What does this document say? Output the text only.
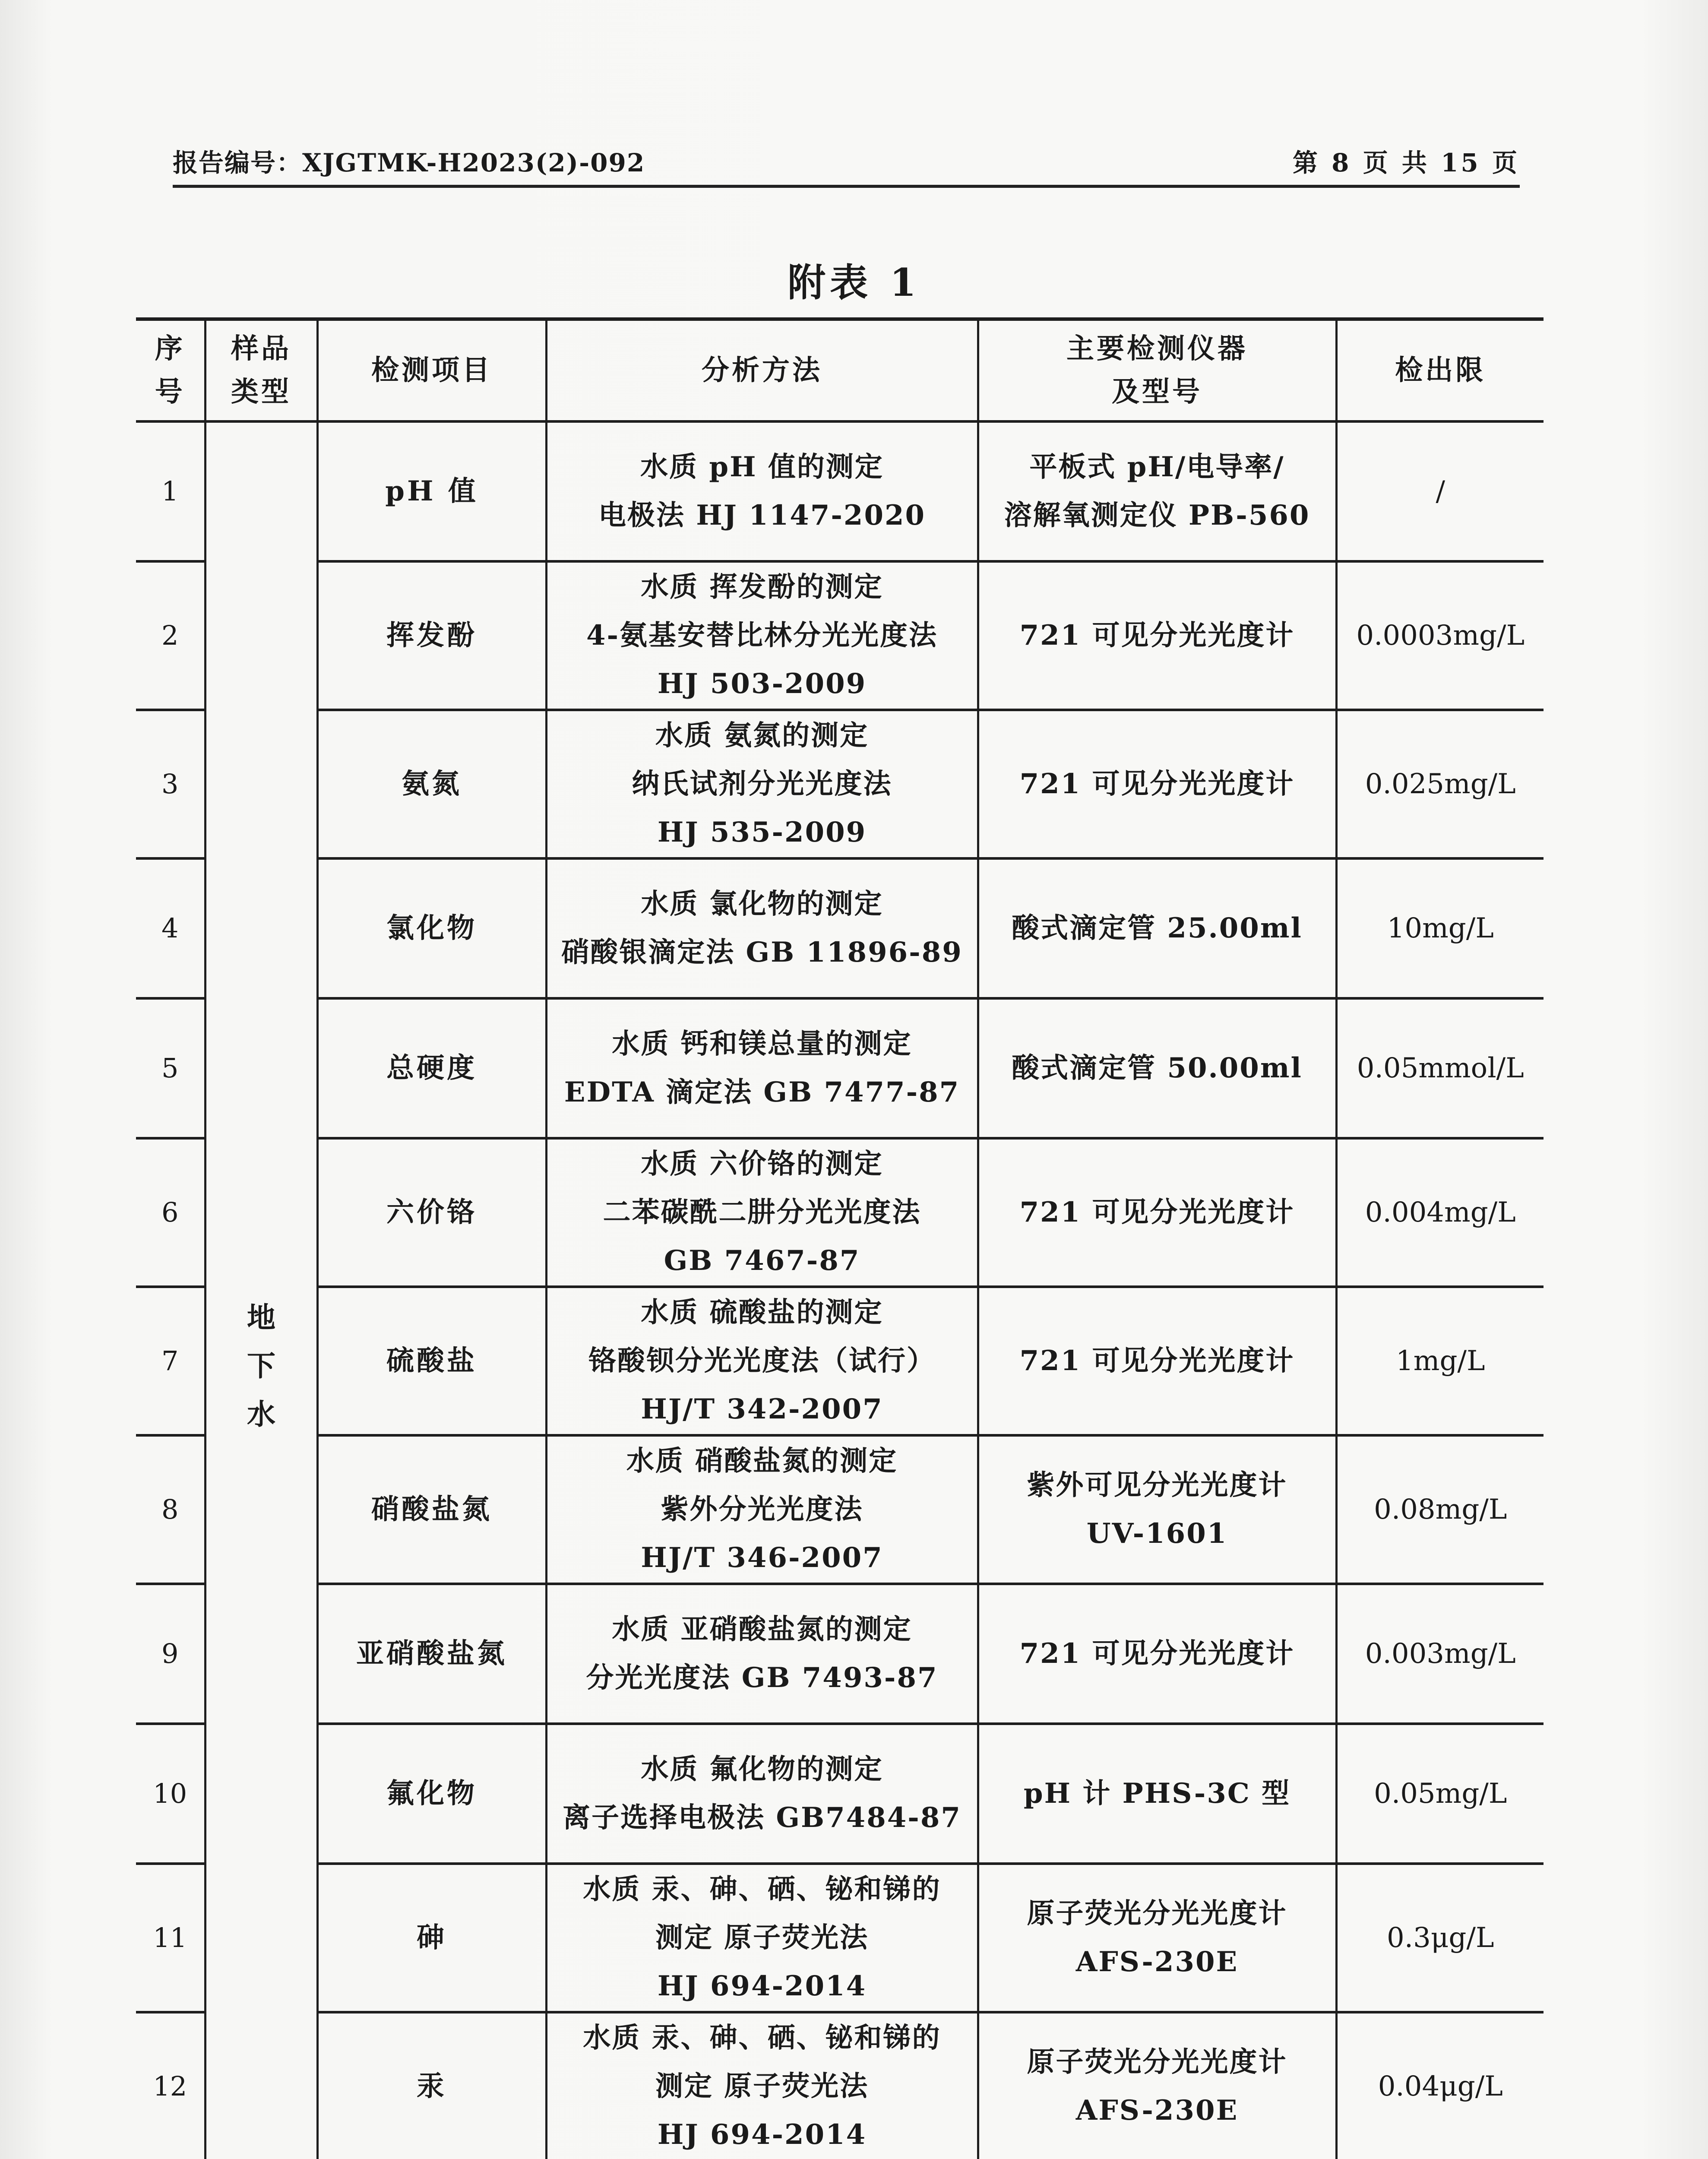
报告编号：XJGTMK-H2023(2)-092	第 8 页 共 15 页
附表 1
序
号	样品
类型	检测项目	分析方法	主要检测仪器
及型号	检出限
1	地
下
水	pH 值	水质 pH 值的测定
电极法 HJ 1147-2020	平板式 pH/电导率/
溶解氧测定仪 PB-560	/
2		挥发酚	水质 挥发酚的测定
4-氨基安替比林分光光度法
HJ 503-2009	721 可见分光光度计	0.0003mg/L
3		氨氮	水质 氨氮的测定
纳氏试剂分光光度法
HJ 535-2009	721 可见分光光度计	0.025mg/L
4		氯化物	水质 氯化物的测定
硝酸银滴定法 GB 11896-89	酸式滴定管 25.00ml	10mg/L
5		总硬度	水质 钙和镁总量的测定
EDTA 滴定法 GB 7477-87	酸式滴定管 50.00ml	0.05mmol/L
6		六价铬	水质 六价铬的测定
二苯碳酰二肼分光光度法
GB 7467-87	721 可见分光光度计	0.004mg/L
7		硫酸盐	水质 硫酸盐的测定
铬酸钡分光光度法（试行）
HJ/T 342-2007	721 可见分光光度计	1mg/L
8		硝酸盐氮	水质 硝酸盐氮的测定
紫外分光光度法
HJ/T 346-2007	紫外可见分光光度计
UV-1601	0.08mg/L
9		亚硝酸盐氮	水质 亚硝酸盐氮的测定
分光光度法 GB 7493-87	721 可见分光光度计	0.003mg/L
10		氟化物	水质 氟化物的测定
离子选择电极法 GB7484-87	pH 计 PHS-3C 型	0.05mg/L
11		砷	水质 汞、砷、硒、铋和锑的
测定 原子荧光法
HJ 694-2014	原子荧光分光光度计
AFS-230E	0.3μg/L
12		汞	水质 汞、砷、硒、铋和锑的
测定 原子荧光法
HJ 694-2014	原子荧光分光光度计
AFS-230E	0.04μg/L
